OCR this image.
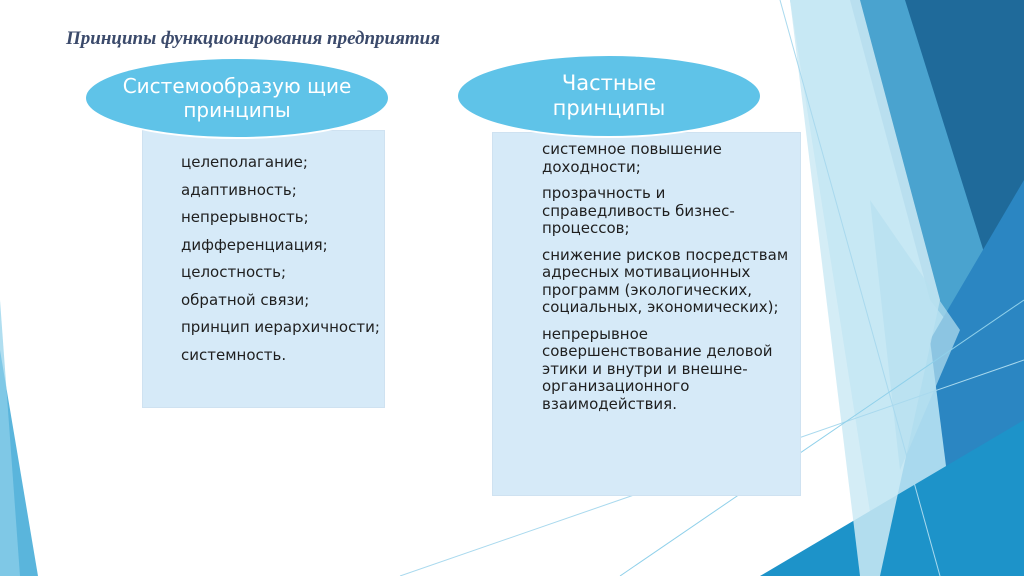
Принципы функционирования предприятия
целеполагание;
адаптивность;
непрерывность;
дифференциация;
целостность;
обратной связи;
принцип иерархичности;
системность.
системное повышение доходности;
прозрачность и справедливость бизнес-процессов;
снижение рисков посредствам адресных мотивационных программ (экологических, социальных, экономических);
непрерывное совершенствование деловой этики и внутри и внешне-организационного взаимодействия.
Системообразую щие принципы
Частные принципы
